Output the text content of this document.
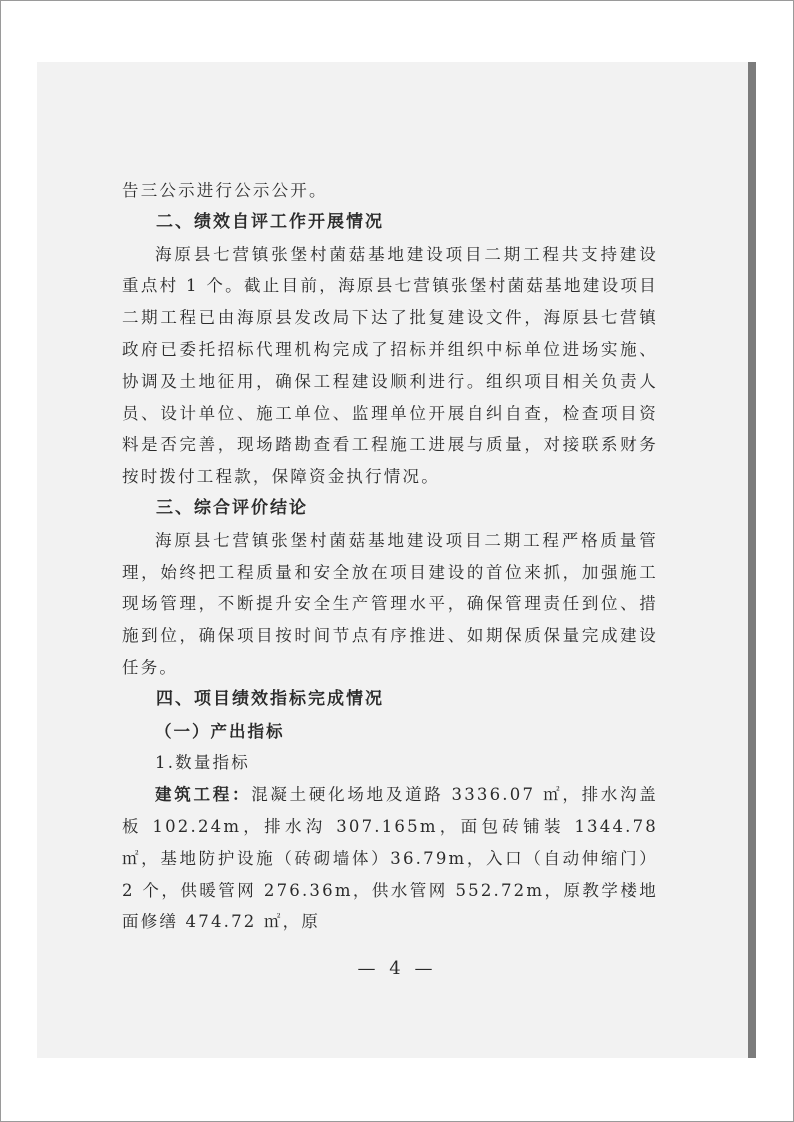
告三公示进行公示公开。

二、绩效自评工作开展情况

海原县七营镇张堡村菌菇基地建设项目二期工程共支持建设重点村 1 个。截止目前，海原县七营镇张堡村菌菇基地建设项目二期工程已由海原县发改局下达了批复建设文件，海原县七营镇政府已委托招标代理机构完成了招标并组织中标单位进场实施、协调及土地征用，确保工程建设顺利进行。组织项目相关负责人员、设计单位、施工单位、监理单位开展自纠自查，检查项目资料是否完善，现场踏勘查看工程施工进展与质量，对接联系财务按时拨付工程款，保障资金执行情况。

三、综合评价结论

海原县七营镇张堡村菌菇基地建设项目二期工程严格质量管理，始终把工程质量和安全放在项目建设的首位来抓，加强施工现场管理，不断提升安全生产管理水平，确保管理责任到位、措施到位，确保项目按时间节点有序推进、如期保质保量完成建设任务。

四、项目绩效指标完成情况

（一）产出指标

1.数量指标

建筑工程：混凝土硬化场地及道路 3336.07 ㎡，排水沟盖板 102.24m，排水沟 307.165m，面包砖铺装 1344.78 ㎡，基地防护设施（砖砌墙体）36.79m，入口（自动伸缩门）2 个，供暖管网 276.36m，供水管网 552.72m，原教学楼地面修缮 474.72 ㎡，原

— 4 —
